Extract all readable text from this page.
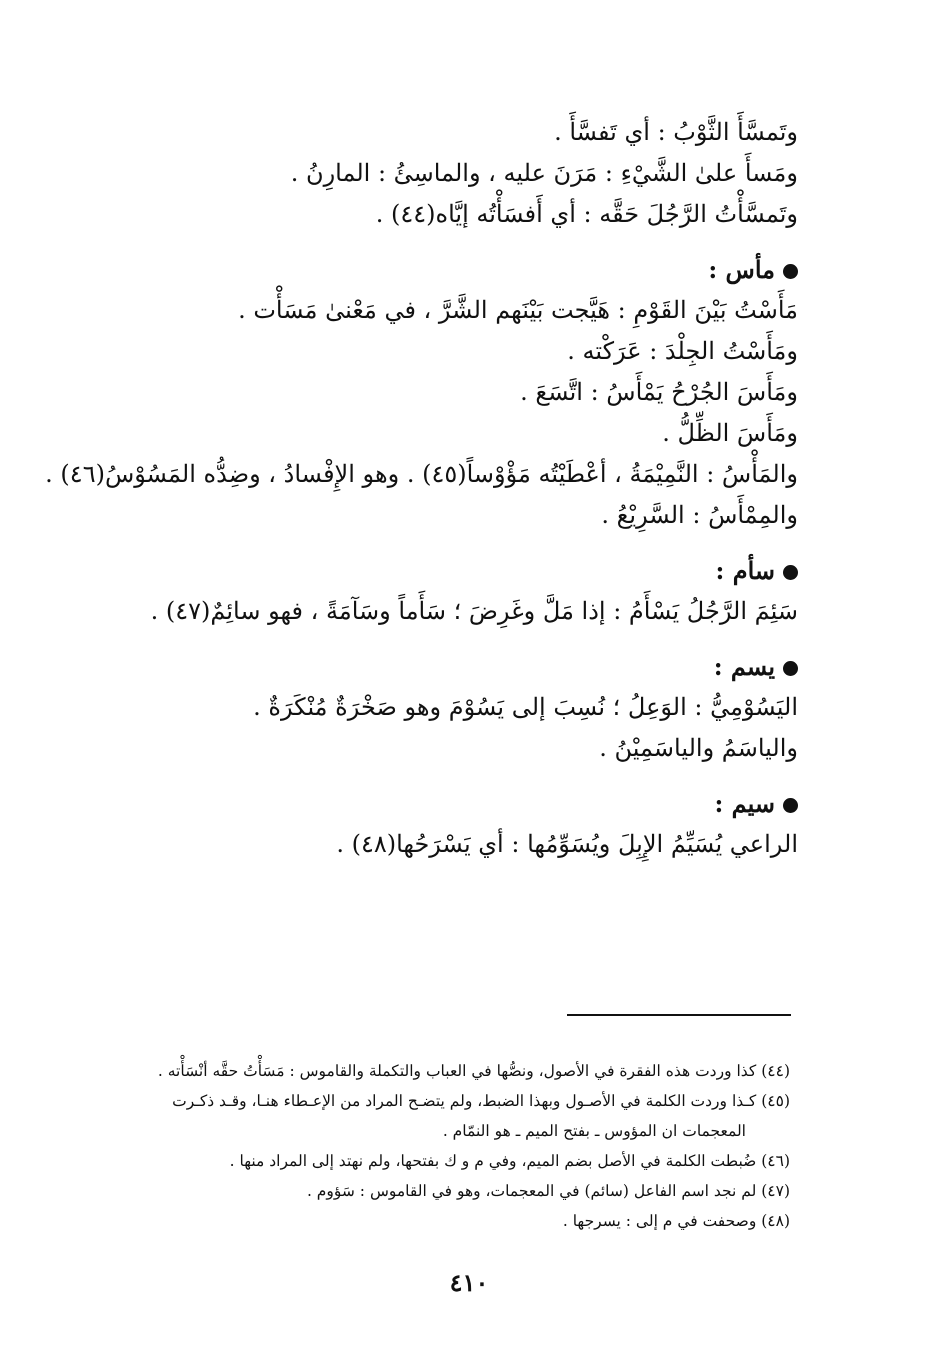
وتَمسَّأَ الثَّوْبُ : أي تَفسَّأَ .
ومَسأَ علىٰ الشَّيْءِ : مَرَنَ عليه ، والماسِئُ : المارِنُ .
وتَمسَّأْتُ الرَّجُلَ حَقَّه : أي أَفسَأْتُه إيَّاه(٤٤) .
مأس :
مَأَسْتُ بَيْنَ القَوْمِ : هَيَّجت بَيْنَهم الشَّرَّ ، في مَعْنىٰ مَسَأْت .
ومَأَسْتُ الجِلْدَ : عَرَكْته .
ومَأَسَ الجُرْحُ يَمْأَسُ : اتَّسَعَ .
ومَأَسَ الظِّلُّ .
والمَأْسُ : النَّمِيْمَةُ ، أعْطَيْتُه مَؤْوْساً(٤٥) . وهو الإِفْسادُ ، وضِدُّه المَسُوْسُ(٤٦) .
والمِمْأَسُ : السَّرِيْعُ .
سأم :
سَئِمَ الرَّجُلُ يَسْأَمُ : إذا مَلَّ وغَرِضَ ؛ سَأَماً وسَآمَةً ، فهو سائِمٌ(٤٧) .
يسم :
اليَسُوْمِيُّ : الوَعِلُ ؛ نُسِبَ إلى يَسُوْمَ وهو صَخْرَةٌ مُنْكَرَةٌ .
والياسَمُ والياسَمِيْنُ .
سيم :
الراعي يُسَيِّمُ الإِبِلَ ويُسَوِّمُها : أي يَسْرَحُها(٤٨) .
(٤٤) كذا وردت هذه الفقرة في الأصول، ونصُّها في العباب والتكملة والقاموس : مَسَأْتُ حقَّه أنْسَأْته .
(٤٥) كـذا وردت الكلمة في الأصـول وبهذا الضبط، ولم يتضـح المراد من الإعـطاء هنـا، وقـد ذكـرت
المعجمات ان المؤوس ـ بفتح الميم ـ هو النمّام .
(٤٦) ضُبطت الكلمة في الأصل بضم الميم، وفي م و ك بفتحها، ولم نهتد إلى المراد منها .
(٤٧) لم نجد اسم الفاعل (سائم) في المعجمات، وهو في القاموس : سَؤوم .
(٤٨) وصحفت في م إلى : يسرجها .
٤١٠
